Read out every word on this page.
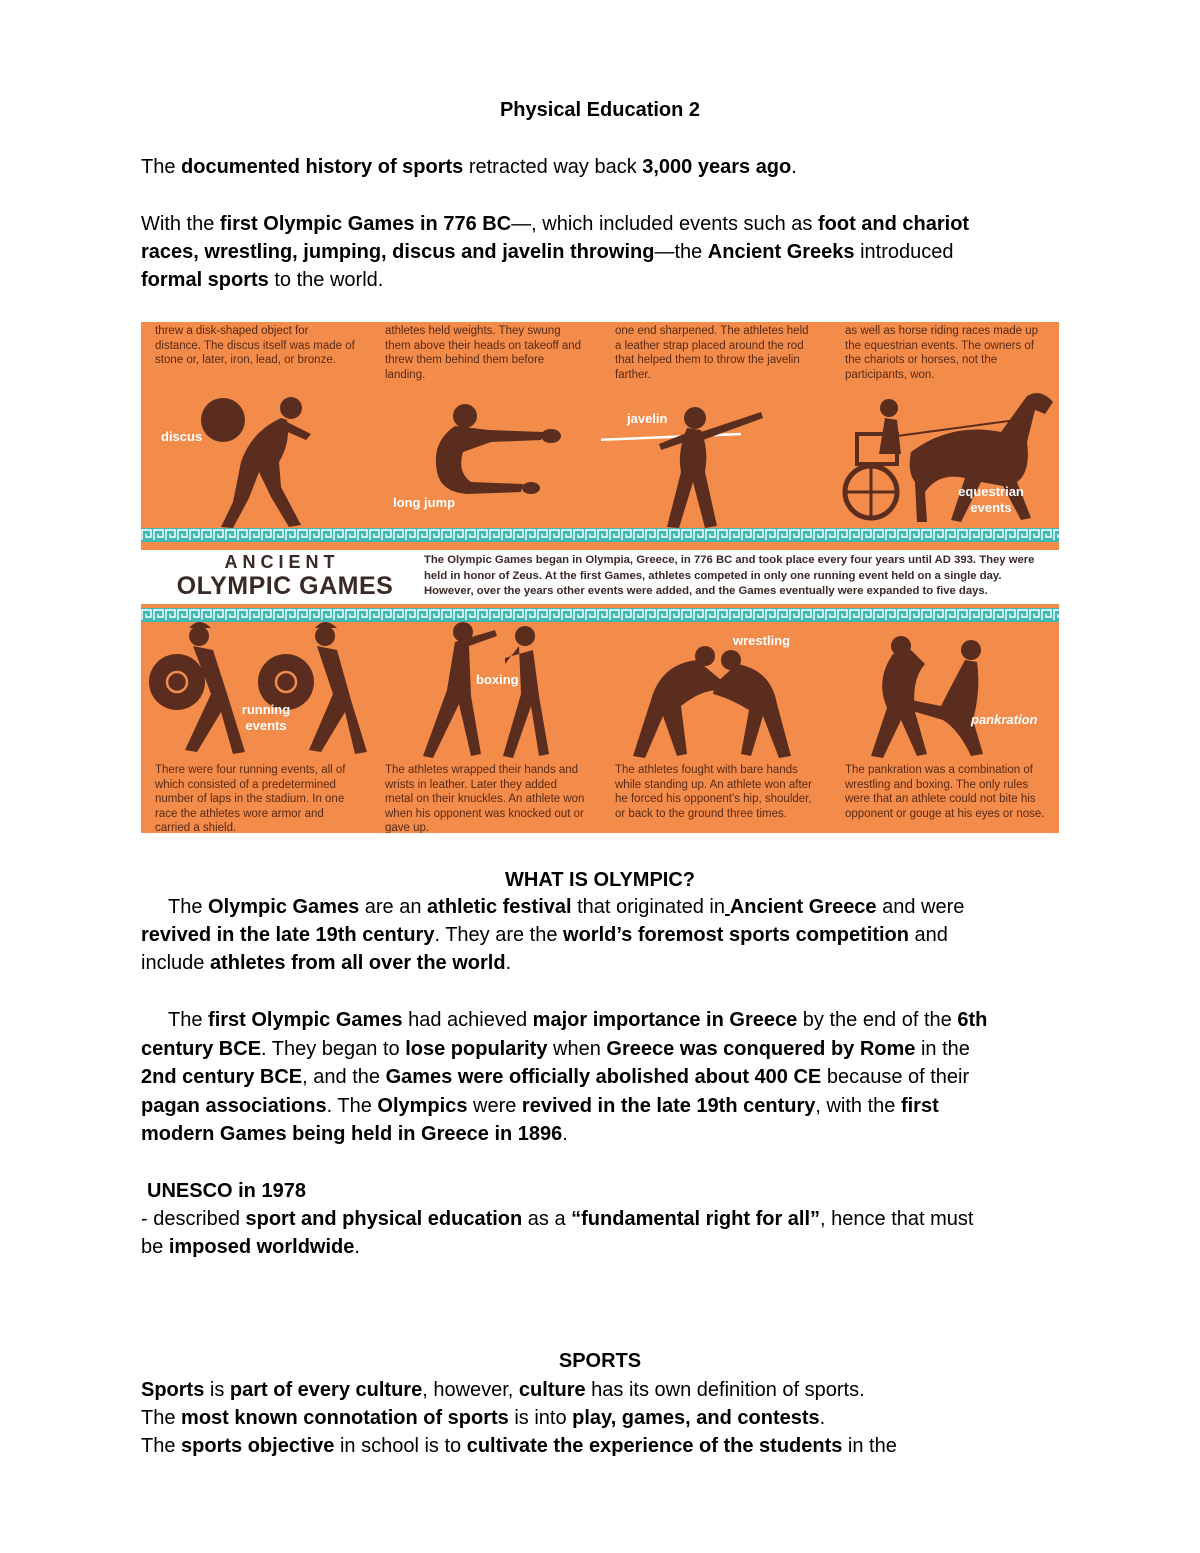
Physical Education 2
The documented history of sports retracted way back 3,000 years ago.
With the first Olympic Games in 776 BC—, which included events such as foot and chariot
races, wrestling, jumping, discus and javelin throwing—the Ancient Greeks introduced
formal sports to the world.
threw a disk-shaped object for distance. The discus itself was made of stone or, later, iron, lead, or bronze.
discus
athletes held weights. They swung them above their heads on takeoff and threw them behind them before landing.
long jump
one end sharpened. The athletes held a leather strap placed around the rod that helped them to throw the javelin farther.
javelin
as well as horse riding races made up the equestrian events. The owners of the chariots or horses, not the participants, won.
equestrian events
ANCIENT
OLYMPIC GAMES
The Olympic Games began in Olympia, Greece, in 776 BC and took place every four years until AD 393. They were held in honor of Zeus. At the first Games, athletes competed in only one running event held on a single day. However, over the years other events were added, and the Games eventually were expanded to five days.
running events
There were four running events, all of which consisted of a predetermined number of laps in the stadium. In one race the athletes wore armor and carried a shield.
boxing
The athletes wrapped their hands and wrists in leather. Later they added metal on their knuckles. An athlete won when his opponent was knocked out or gave up.
wrestling
The athletes fought with bare hands while standing up. An athlete won after he forced his opponent's hip, shoulder, or back to the ground three times.
pankration
The pankration was a combination of wrestling and boxing. The only rules were that an athlete could not bite his opponent or gouge at his eyes or nose.
WHAT IS OLYMPIC?
The Olympic Games are an athletic festival that originated in Ancient Greece and were
revived in the late 19th century. They are the world’s foremost sports competition and
include athletes from all over the world.
The first Olympic Games had achieved major importance in Greece by the end of the 6th
century BCE. They began to lose popularity when Greece was conquered by Rome in the
2nd century BCE, and the Games were officially abolished about 400 CE because of their
pagan associations. The Olympics were revived in the late 19th century, with the first
modern Games being held in Greece in 1896.
UNESCO in 1978
- described sport and physical education as a “fundamental right for all”, hence that must
be imposed worldwide.
SPORTS
Sports is part of every culture, however, culture has its own definition of sports.
The most known connotation of sports is into play, games, and contests.
The sports objective in school is to cultivate the experience of the students in the
